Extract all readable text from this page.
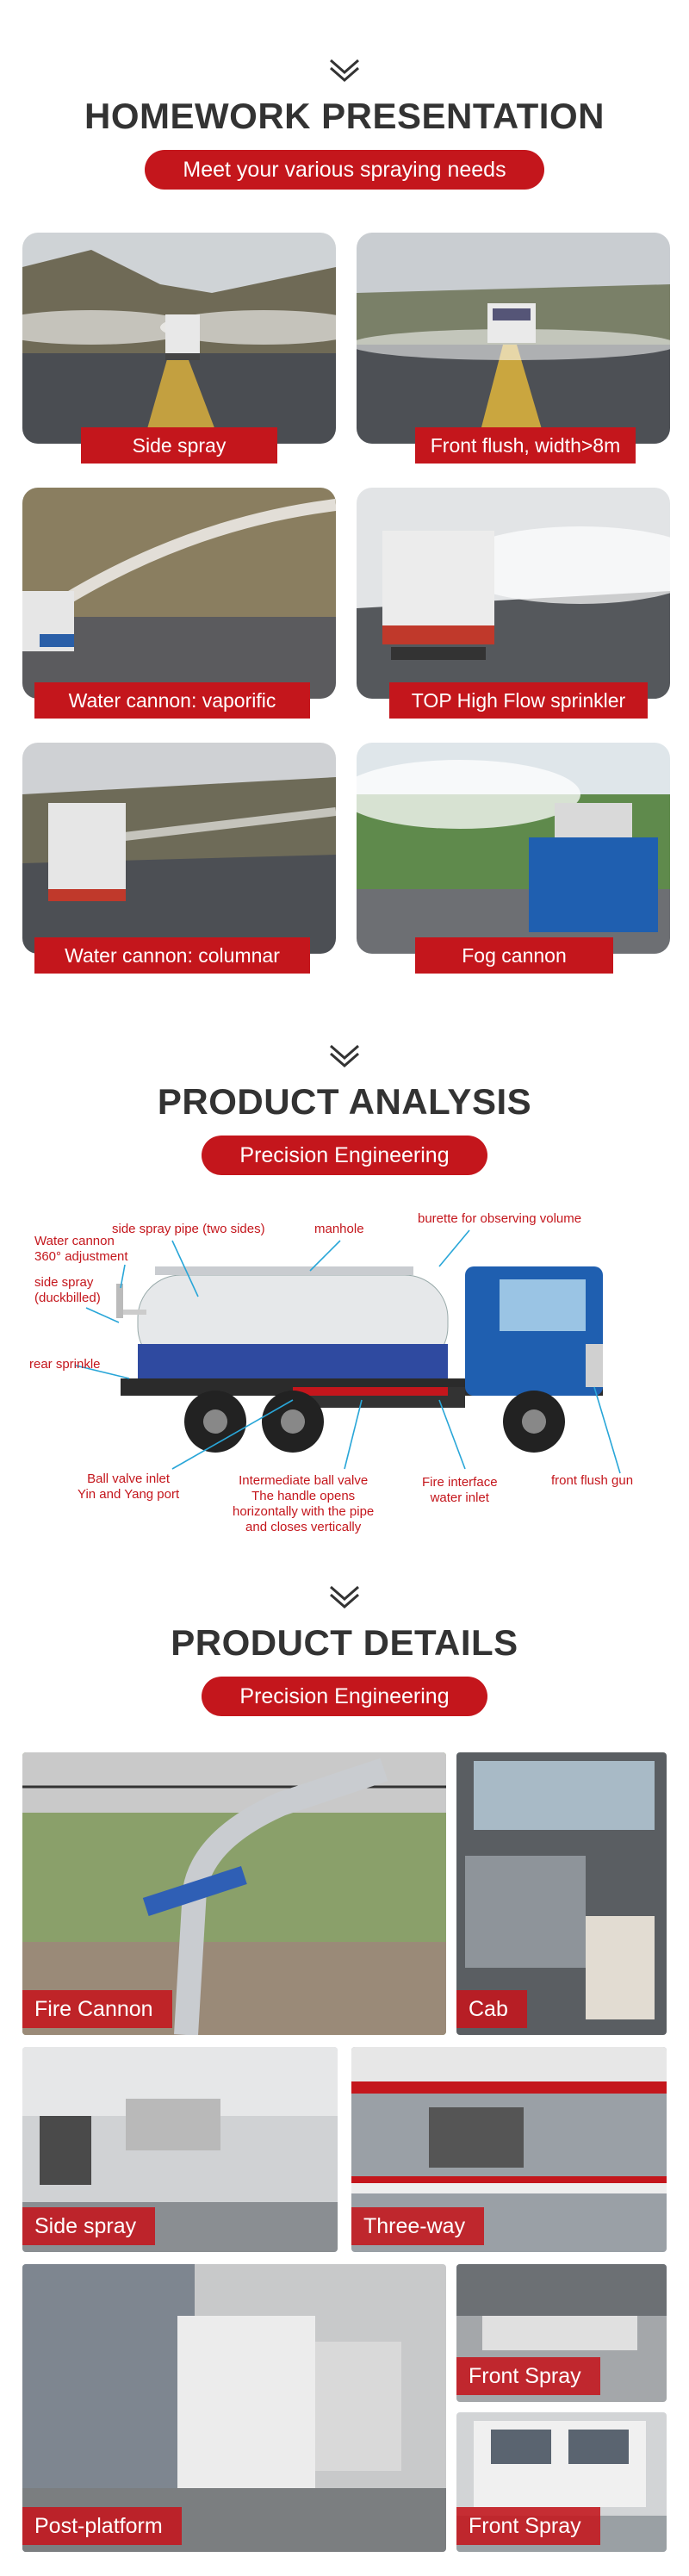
HOMEWORK PRESENTATION
Meet your various spraying needs
Side spray	Front flush, width>8m
Water cannon: vaporific	TOP High Flow sprinkler
Water cannon: columnar	Fog cannon
PRODUCT ANALYSIS
Precision Engineering
side spray pipe (two sides)	manhole
burette for observing volume
Water cannon
360° adjustment
side spray
(duckbilled)
rear sprinkle
Ball valve inlet
Yin and Yang port
Intermediate ball valve
The handle opens
horizontally with the pipe
and closes vertically
Fire interface
water inlet
front flush gun
PRODUCT DETAILS
Precision Engineering
Fire Cannon	Cab
Side spray	Three-way
Post-platform
Front Spray
Front Spray
